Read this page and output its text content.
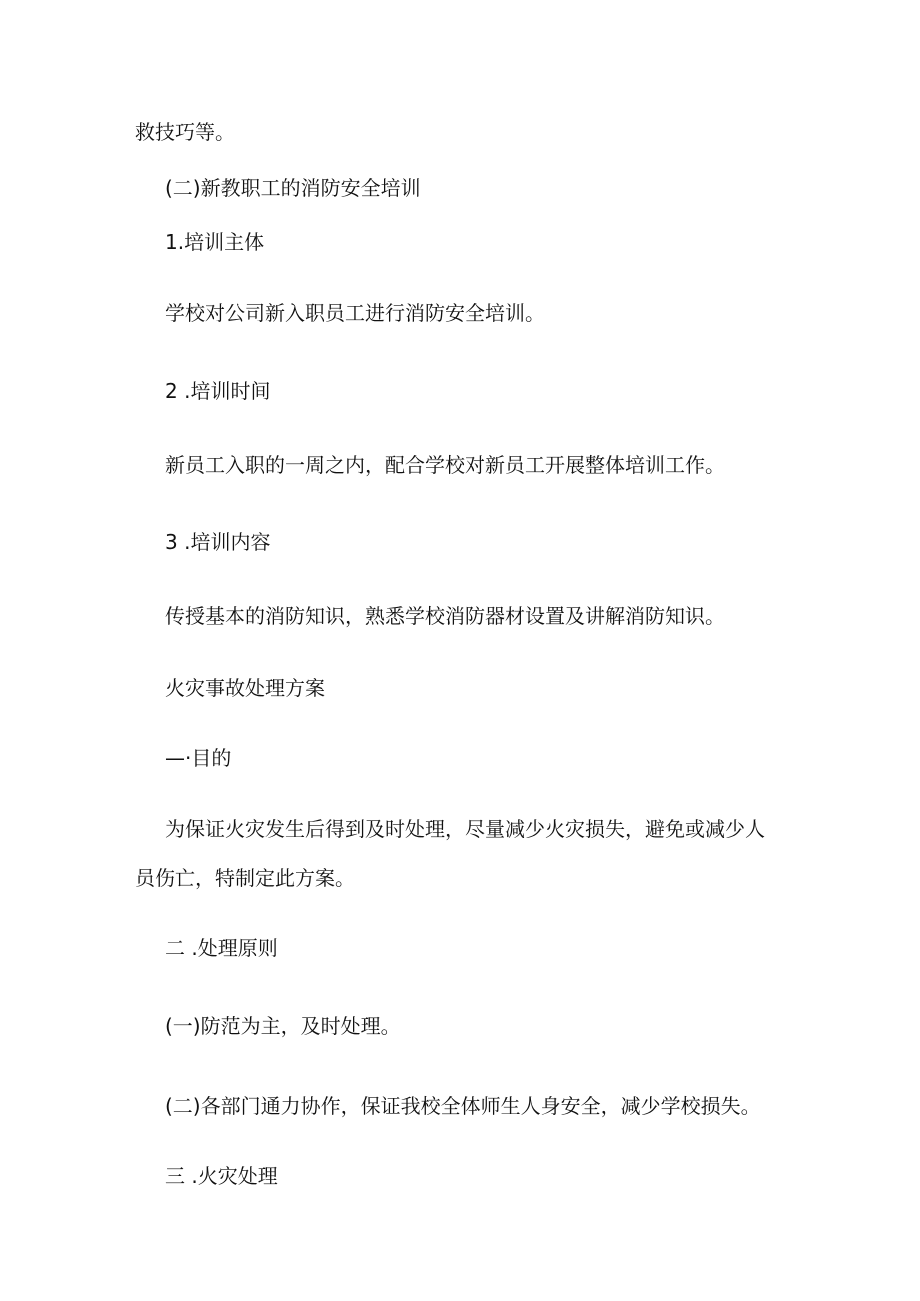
救技巧等。
(二)新教职工的消防安全培训
1.培训主体
学校对公司新入职员工进行消防安全培训。
2 .培训时间
新员工入职的一周之内，配合学校对新员工开展整体培训工作。
3 .培训内容
传授基本的消防知识，熟悉学校消防器材设置及讲解消防知识。
火灾事故处理方案
—·目的
为保证火灾发生后得到及时处理，尽量减少火灾损失，避免或减少人
员伤亡，特制定此方案。
二 .处理原则
(一)防范为主，及时处理。
(二)各部门通力协作，保证我校全体师生人身安全，减少学校损失。
三 .火灾处理
